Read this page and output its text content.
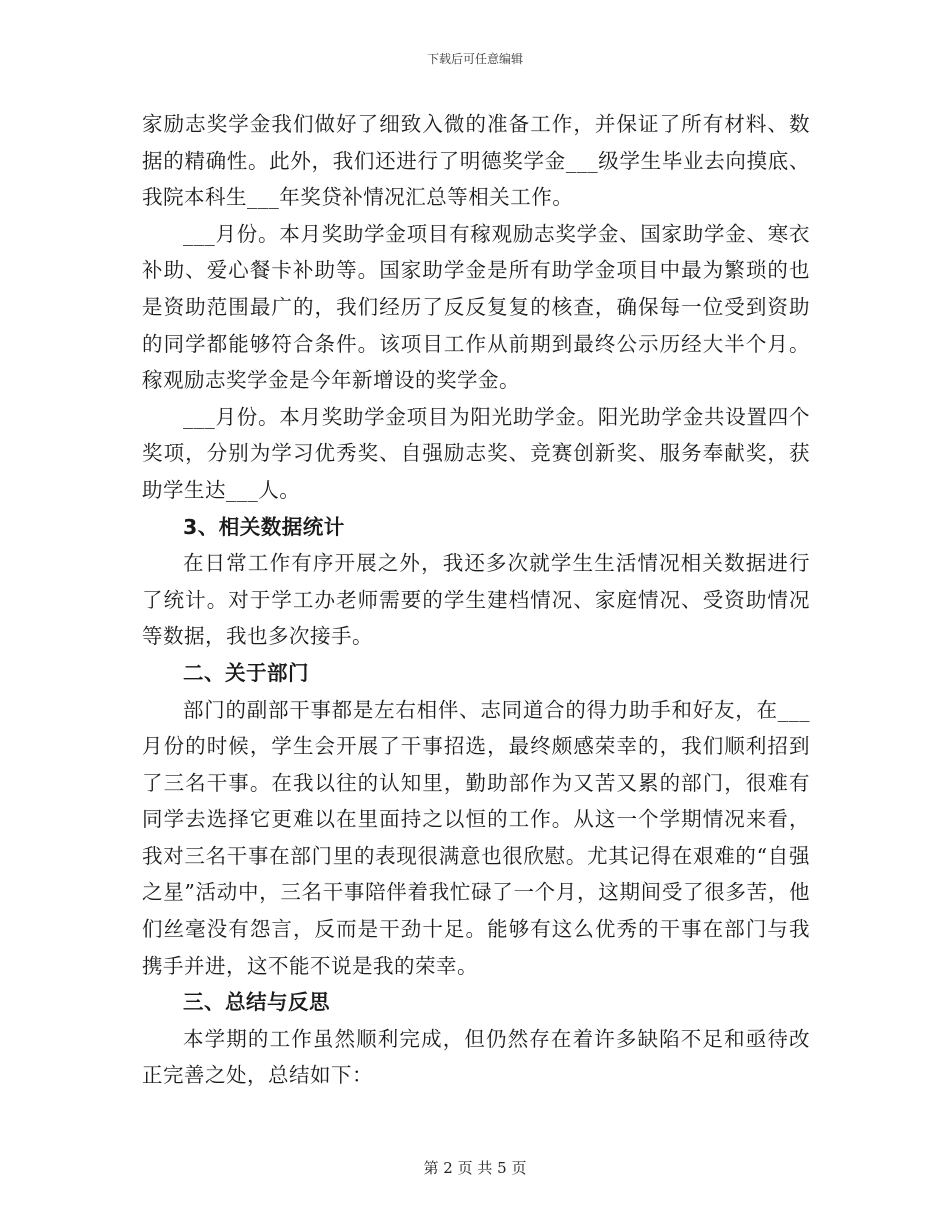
下载后可任意编辑

家励志奖学金我们做好了细致入微的准备工作，并保证了所有材料、数据的精确性。此外，我们还进行了明德奖学金___级学生毕业去向摸底、我院本科生___年奖贷补情况汇总等相关工作。

___月份。本月奖助学金项目有稼观励志奖学金、国家助学金、寒衣补助、爱心餐卡补助等。国家助学金是所有助学金项目中最为繁琐的也是资助范围最广的，我们经历了反反复复的核查，确保每一位受到资助的同学都能够符合条件。该项目工作从前期到最终公示历经大半个月。稼观励志奖学金是今年新增设的奖学金。

___月份。本月奖助学金项目为阳光助学金。阳光助学金共设置四个奖项，分别为学习优秀奖、自强励志奖、竞赛创新奖、服务奉献奖，获助学生达___人。

3、相关数据统计

在日常工作有序开展之外，我还多次就学生生活情况相关数据进行了统计。对于学工办老师需要的学生建档情况、家庭情况、受资助情况等数据，我也多次接手。

二、关于部门

部门的副部干事都是左右相伴、志同道合的得力助手和好友，在___月份的时候，学生会开展了干事招选，最终颇感荣幸的，我们顺利招到了三名干事。在我以往的认知里，勤助部作为又苦又累的部门，很难有同学去选择它更难以在里面持之以恒的工作。从这一个学期情况来看，我对三名干事在部门里的表现很满意也很欣慰。尤其记得在艰难的“自强之星”活动中，三名干事陪伴着我忙碌了一个月，这期间受了很多苦，他们丝毫没有怨言，反而是干劲十足。能够有这么优秀的干事在部门与我携手并进，这不能不说是我的荣幸。

三、总结与反思

本学期的工作虽然顺利完成，但仍然存在着许多缺陷不足和亟待改正完善之处，总结如下：

第 2 页 共 5 页
